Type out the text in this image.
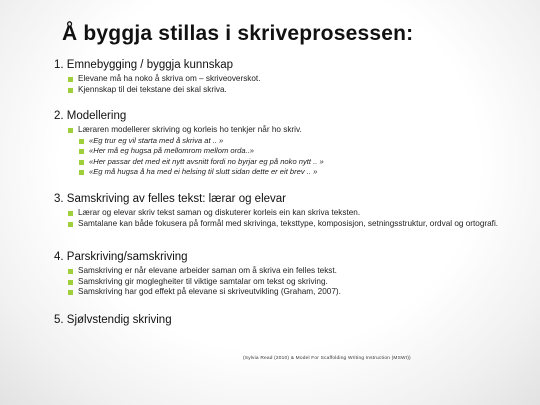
Å byggja stillas i skriveprosessen:
1. Emnebygging / byggja kunnskap
Elevane må ha noko å skriva om – skriveoverskot.
Kjennskap til dei tekstane dei skal skriva.
2. Modellering
Læraren modellerer skriving og korleis ho tenkjer når ho skriv.
«Eg trur eg vil starta med å skriva at .. »
«Her må eg hugsa på mellomrom mellom orda..»
«Her passar det med eit nytt avsnitt fordi no byrjar eg på noko nytt .. »
«Eg må hugsa å ha med ei helsing til slutt sidan dette er eit brev .. »
3. Samskriving av felles tekst: lærar og elevar
Lærar og elevar skriv tekst saman og diskuterer korleis ein kan skriva teksten.
Samtalane kan både fokusera på formål med skrivinga, teksttype, komposisjon, setningsstruktur, ordval og ortografi.
4. Parskriving/samskriving
Samskriving er når elevane arbeider saman om å skriva ein felles tekst.
Samskriving gir moglegheiter til viktige samtalar om tekst og skriving.
Samskriving har god effekt på elevane si skriveutvikling (Graham, 2007).
5. Sjølvstendig skriving
(Sylvia Read (2010) & Model For Scaffolding Writing Instruction (MSWI))
